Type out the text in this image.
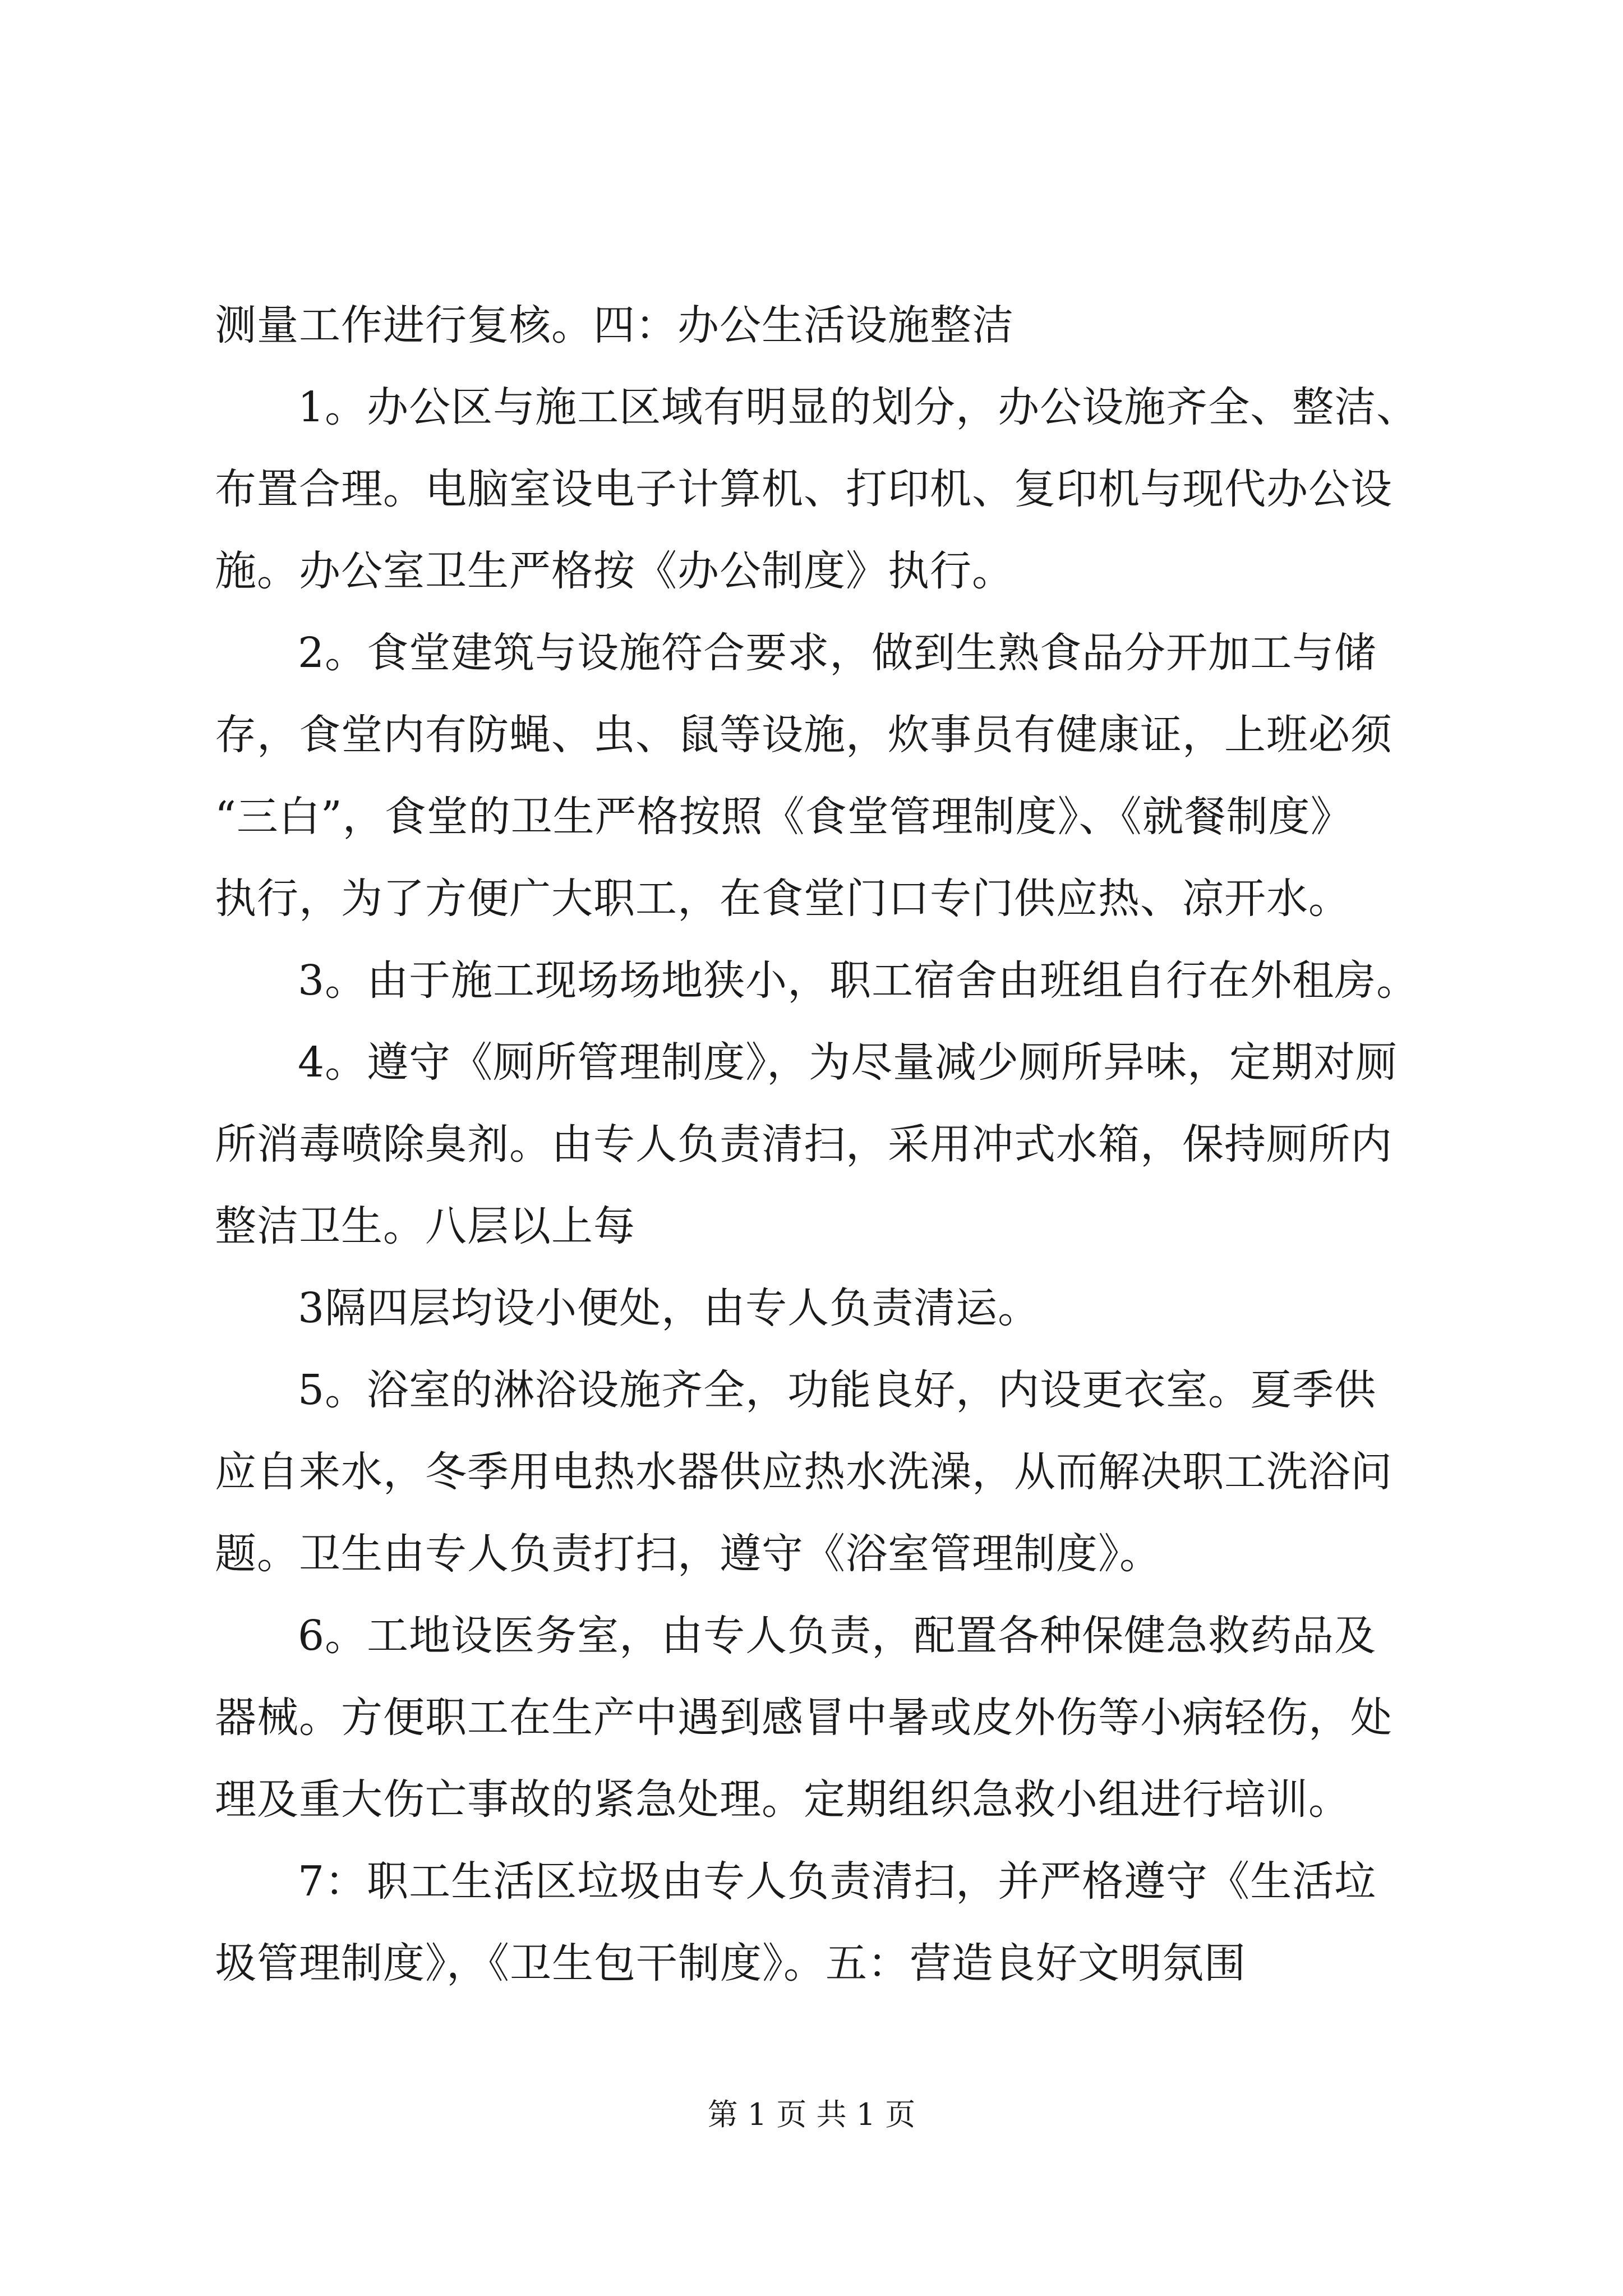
测量工作进行复核。四：办公生活设施整洁
1。办公区与施工区域有明显的划分，办公设施齐全、整洁、
布置合理。电脑室设电子计算机、打印机、复印机与现代办公设
施。办公室卫生严格按《办公制度》执行。
2。食堂建筑与设施符合要求，做到生熟食品分开加工与储
存，食堂内有防蝇、虫、鼠等设施，炊事员有健康证，上班必须
“三白”，食堂的卫生严格按照《食堂管理制度》、《就餐制度》
执行，为了方便广大职工，在食堂门口专门供应热、凉开水。
3。由于施工现场场地狭小，职工宿舍由班组自行在外租房。
4。遵守《厕所管理制度》，为尽量减少厕所异味，定期对厕
所消毒喷除臭剂。由专人负责清扫，采用冲式水箱，保持厕所内
整洁卫生。八层以上每
3隔四层均设小便处，由专人负责清运。
5。浴室的淋浴设施齐全，功能良好，内设更衣室。夏季供
应自来水，冬季用电热水器供应热水洗澡，从而解决职工洗浴问
题。卫生由专人负责打扫，遵守《浴室管理制度》。
6。工地设医务室，由专人负责，配置各种保健急救药品及
器械。方便职工在生产中遇到感冒中暑或皮外伤等小病轻伤，处
理及重大伤亡事故的紧急处理。定期组织急救小组进行培训。
7：职工生活区垃圾由专人负责清扫，并严格遵守《生活垃
圾管理制度》，《卫生包干制度》。五：营造良好文明氛围
第 1 页 共 1 页
